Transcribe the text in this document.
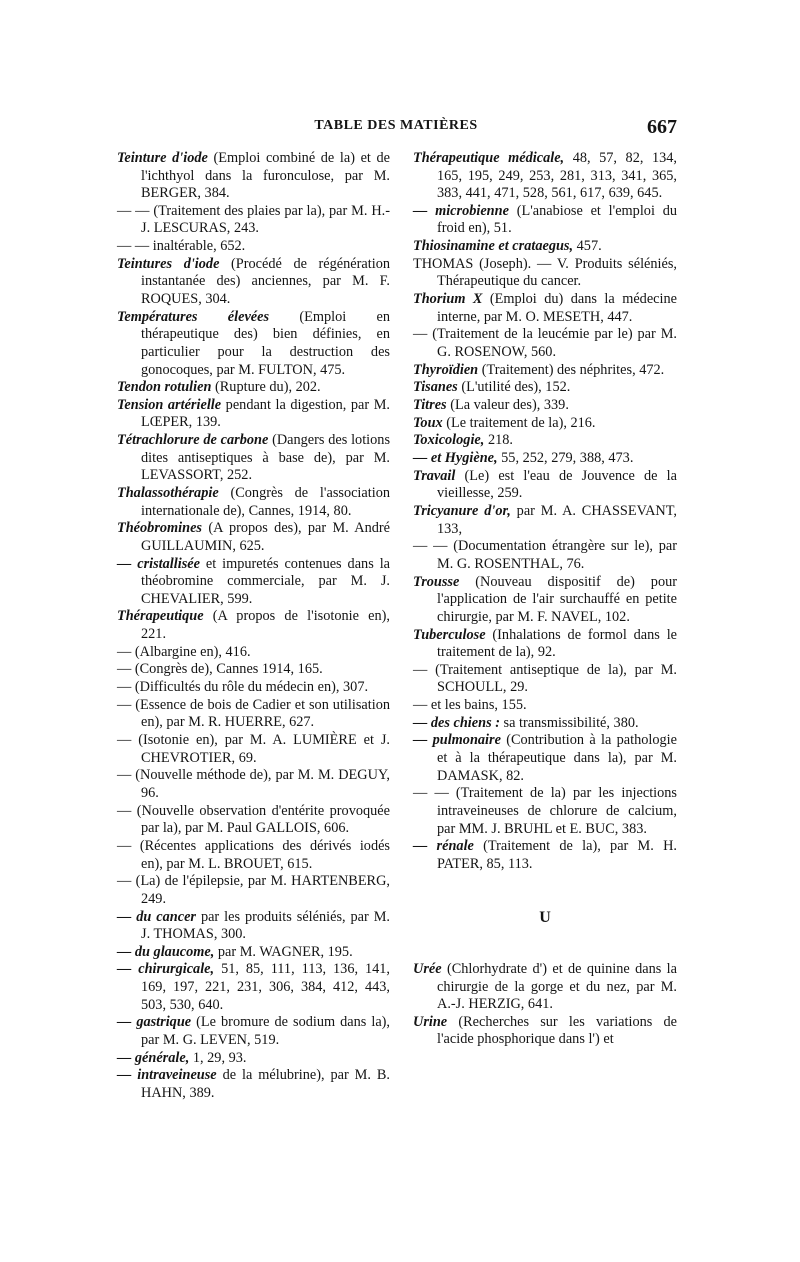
TABLE DES MATIÈRES	667

Teinture d'iode (Emploi combiné de la) et de l'ichthyol dans la furonculose, par M. BERGER, 384.

— — (Traitement des plaies par la), par M. H.-J. LESCURAS, 243.

— — inaltérable, 652.

Teintures d'iode (Procédé de régénération instantanée des) anciennes, par M. F. ROQUES, 304.

Températures élevées (Emploi en thérapeutique des) bien définies, en particulier pour la destruction des gonocoques, par M. FULTON, 475.

Tendon rotulien (Rupture du), 202.

Tension artérielle pendant la digestion, par M. LŒPER, 139.

Tétrachlorure de carbone (Dangers des lotions dites antiseptiques à base de), par M. LEVASSORT, 252.

Thalassothérapie (Congrès de l'association internationale de), Cannes, 1914, 80.

Théobromines (A propos des), par M. André GUILLAUMIN, 625.

— cristallisée et impuretés contenues dans la théobromine commerciale, par M. J. CHEVALIER, 599.

Thérapeutique (A propos de l'isotonie en), 221.

— (Albargine en), 416.

— (Congrès de), Cannes 1914, 165.

— (Difficultés du rôle du médecin en), 307.

— (Essence de bois de Cadier et son utilisation en), par M. R. HUERRE, 627.

— (Isotonie en), par M. A. LUMIÈRE et J. CHEVROTIER, 69.

— (Nouvelle méthode de), par M. M. DEGUY, 96.

— (Nouvelle observation d'entérite provoquée par la), par M. Paul GALLOIS, 606.

— (Récentes applications des dérivés iodés en), par M. L. BROUET, 615.

— (La) de l'épilepsie, par M. HARTENBERG, 249.

— du cancer par les produits séléniés, par M. J. THOMAS, 300.

— du glaucome, par M. WAGNER, 195.

— chirurgicale, 51, 85, 111, 113, 136, 141, 169, 197, 221, 231, 306, 384, 412, 443, 503, 530, 640.

— gastrique (Le bromure de sodium dans la), par M. G. LEVEN, 519.

— générale, 1, 29, 93.

— intraveineuse de la mélubrine), par M. B. HAHN, 389.

Thérapeutique médicale, 48, 57, 82, 134, 165, 195, 249, 253, 281, 313, 341, 365, 383, 441, 471, 528, 561, 617, 639, 645.

— microbienne (L'anabiose et l'emploi du froid en), 51.

Thiosinamine et crataegus, 457.

THOMAS (Joseph). — V. Produits séléniés, Thérapeutique du cancer.

Thorium X (Emploi du) dans la médecine interne, par M. O. MESETH, 447.

— (Traitement de la leucémie par le) par M. G. ROSENOW, 560.

Thyroïdien (Traitement) des néphrites, 472.

Tisanes (L'utilité des), 152.

Titres (La valeur des), 339.

Toux (Le traitement de la), 216.

Toxicologie, 218.

— et Hygiène, 55, 252, 279, 388, 473.

Travail (Le) est l'eau de Jouvence de la vieillesse, 259.

Tricyanure d'or, par M. A. CHASSEVANT, 133,

— — (Documentation étrangère sur le), par M. G. ROSENTHAL, 76.

Trousse (Nouveau dispositif de) pour l'application de l'air surchauffé en petite chirurgie, par M. F. NAVEL, 102.

Tuberculose (Inhalations de formol dans le traitement de la), 92.

— (Traitement antiseptique de la), par M. SCHOULL, 29.

— et les bains, 155.

— des chiens : sa transmissibilité, 380.

— pulmonaire (Contribution à la pathologie et à la thérapeutique dans la), par M. DAMASK, 82.

— — (Traitement de la) par les injections intraveineuses de chlorure de calcium, par MM. J. BRUHL et E. BUC, 383.

— rénale (Traitement de la), par M. H. PATER, 85, 113.

U

Urée (Chlorhydrate d') et de quinine dans la chirurgie de la gorge et du nez, par M. A.-J. HERZIG, 641.

Urine (Recherches sur les variations de l'acide phosphorique dans l') et
